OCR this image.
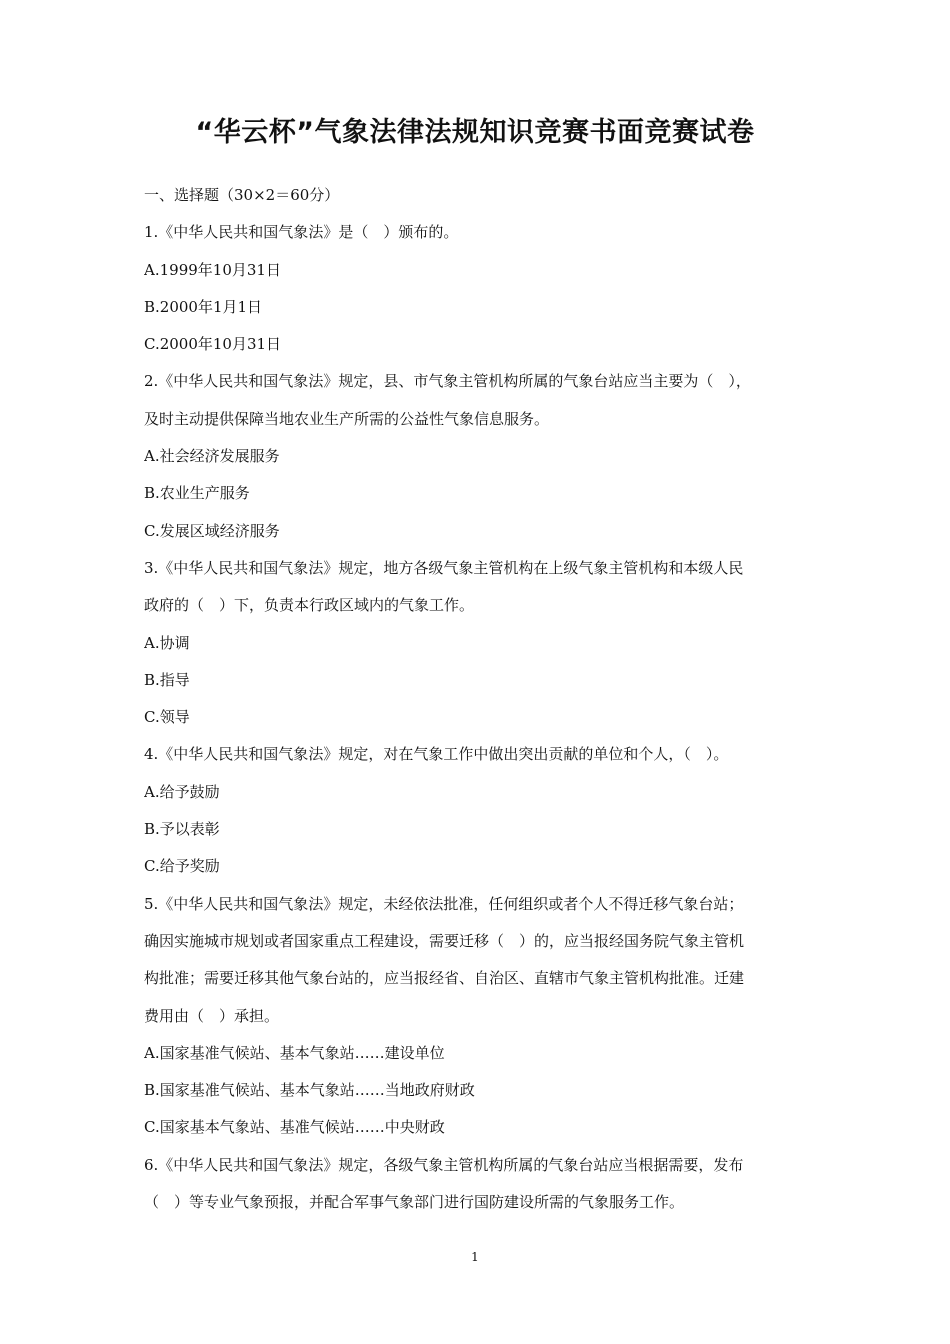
“华云杯”气象法律法规知识竞赛书面竞赛试卷
一、选择题（30×2＝60分）
1.《中华人民共和国气象法》是（　）颁布的。
A.1999年10月31日
B.2000年1月1日
C.2000年10月31日
2.《中华人民共和国气象法》规定，县、市气象主管机构所属的气象台站应当主要为（　），
及时主动提供保障当地农业生产所需的公益性气象信息服务。
A.社会经济发展服务
B.农业生产服务
C.发展区域经济服务
3.《中华人民共和国气象法》规定，地方各级气象主管机构在上级气象主管机构和本级人民
政府的（　）下，负责本行政区域内的气象工作。
A.协调
B.指导
C.领导
4.《中华人民共和国气象法》规定，对在气象工作中做出突出贡献的单位和个人，（　）。
A.给予鼓励
B.予以表彰
C.给予奖励
5.《中华人民共和国气象法》规定，未经依法批准，任何组织或者个人不得迁移气象台站；
确因实施城市规划或者国家重点工程建设，需要迁移（　）的，应当报经国务院气象主管机
构批准；需要迁移其他气象台站的，应当报经省、自治区、直辖市气象主管机构批准。迁建
费用由（　）承担。
A.国家基准气候站、基本气象站……建设单位
B.国家基准气候站、基本气象站……当地政府财政
C.国家基本气象站、基准气候站……中央财政
6.《中华人民共和国气象法》规定，各级气象主管机构所属的气象台站应当根据需要，发布
（　）等专业气象预报，并配合军事气象部门进行国防建设所需的气象服务工作。
1
